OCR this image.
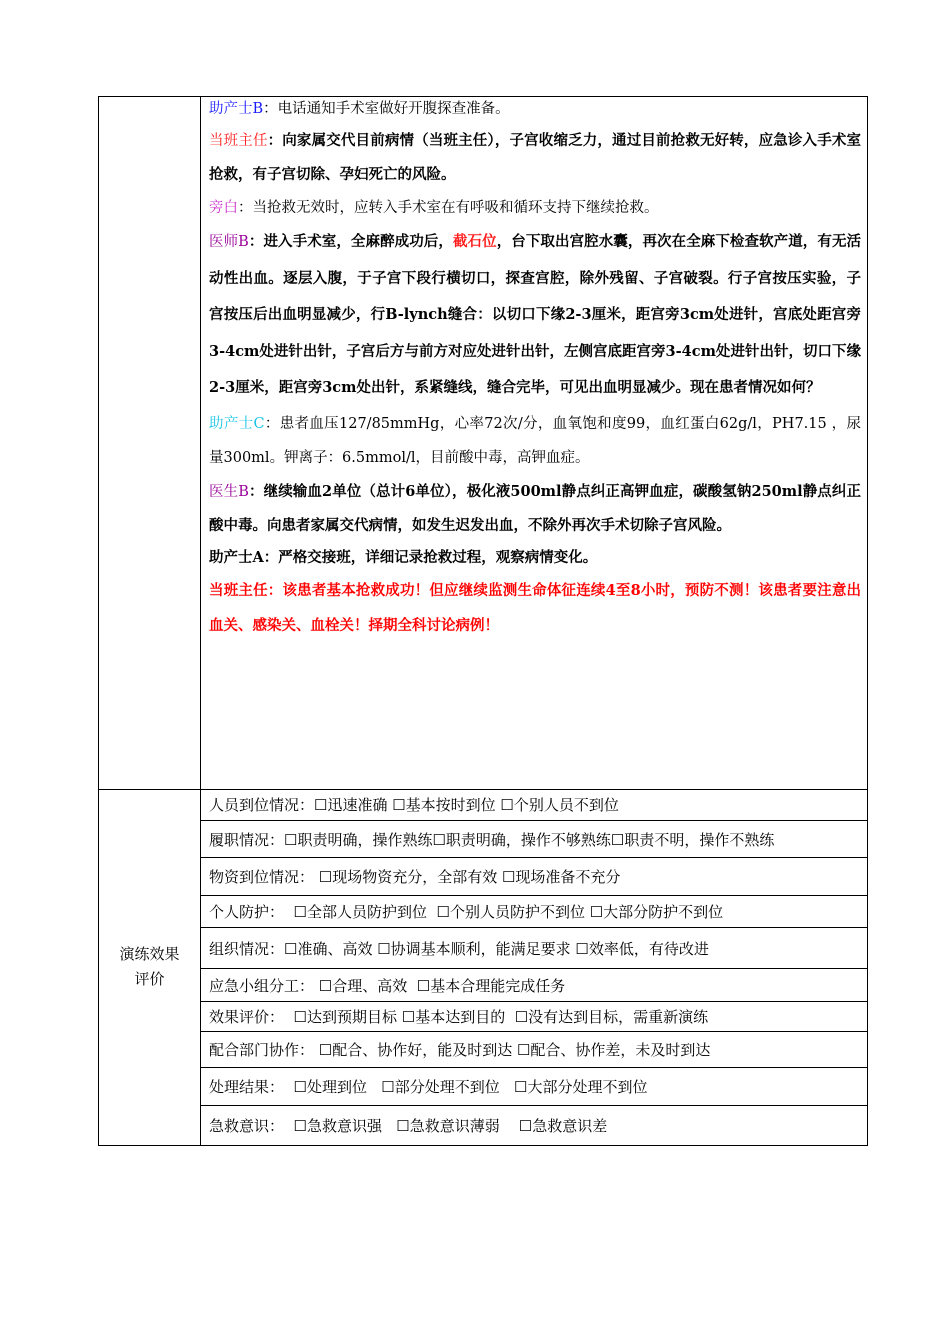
助产士B：电话通知手术室做好开腹探查准备。

当班主任：向家属交代目前病情（当班主任），子宫收缩乏力，通过目前抢救无好转，应急诊入手术室抢救，有子宫切除、孕妇死亡的风险。

旁白：当抢救无效时，应转入手术室在有呼吸和循环支持下继续抢救。

医师B：进入手术室，全麻醉成功后，截石位，台下取出宫腔水囊，再次在全麻下检查软产道，有无活动性出血。逐层入腹，于子宫下段行横切口，探查宫腔，除外残留、子宫破裂。行子宫按压实验，子宫按压后出血明显减少，行B-lynch缝合：以切口下缘2-3厘米，距宫旁3cm处进针，宫底处距宫旁3-4cm处进针出针，子宫后方与前方对应处进针出针，左侧宫底距宫旁3-4cm处进针出针，切口下缘2-3厘米，距宫旁3cm处出针，系紧缝线，缝合完毕，可见出血明显减少。现在患者情况如何？

助产士C：患者血压127/85mmHg，心率72次/分，血氧饱和度99，血红蛋白62g/l，PH7.15 ，尿量300ml。钾离子：6.5mmol/l，目前酸中毒，高钾血症。

医生B：继续输血2单位（总计6单位），极化液500ml静点纠正高钾血症，碳酸氢钠250ml静点纠正酸中毒。向患者家属交代病情，如发生迟发出血，不除外再次手术切除子宫风险。

助产士A：严格交接班，详细记录抢救过程，观察病情变化。

当班主任：该患者基本抢救成功！但应继续监测生命体征连续4至8小时，预防不测！该患者要注意出血关、感染关、血栓关！择期全科讨论病例！

演练效果
评价
人员到位情况：☐迅速准确 ☐基本按时到位 ☐个别人员不到位
履职情况：☐职责明确，操作熟练☐职责明确，操作不够熟练☐职责不明，操作不熟练
物资到位情况： ☐现场物资充分，全部有效 ☐现场准备不充分
个人防护：  ☐全部人员防护到位  ☐个别人员防护不到位 ☐大部分防护不到位
组织情况：☐准确、高效 ☐协调基本顺利，能满足要求 ☐效率低，有待改进
应急小组分工： ☐合理、高效  ☐基本合理能完成任务
效果评价：  ☐达到预期目标 ☐基本达到目的  ☐没有达到目标，需重新演练
配合部门协作： ☐配合、协作好，能及时到达 ☐配合、协作差，未及时到达
处理结果：  ☐处理到位   ☐部分处理不到位   ☐大部分处理不到位
急救意识：  ☐急救意识强   ☐急救意识薄弱    ☐急救意识差
